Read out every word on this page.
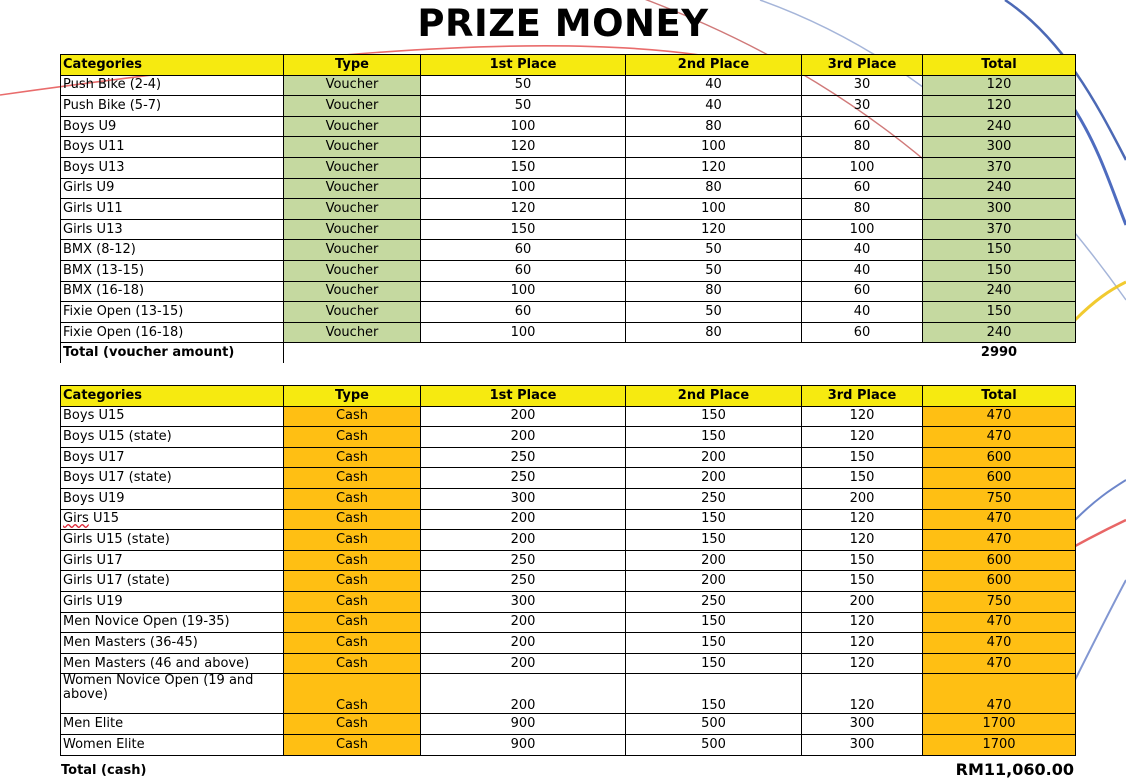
PRIZE MONEY
Categories	Type	1st Place	2nd Place	3rd Place	Total
Push Bike (2-4)	Voucher	50	40	30	120
Push Bike (5-7)	Voucher	50	40	30	120
Boys U9	Voucher	100	80	60	240
Boys U11	Voucher	120	100	80	300
Boys U13	Voucher	150	120	100	370
Girls U9	Voucher	100	80	60	240
Girls U11	Voucher	120	100	80	300
Girls U13	Voucher	150	120	100	370
BMX (8-12)	Voucher	60	50	40	150
BMX (13-15)	Voucher	60	50	40	150
BMX (16-18)	Voucher	100	80	60	240
Fixie Open (13-15)	Voucher	60	50	40	150
Fixie Open (16-18)	Voucher	100	80	60	240
Total (voucher amount)					2990
Categories	Type	1st Place	2nd Place	3rd Place	Total
Boys U15	Cash	200	150	120	470
Boys U15 (state)	Cash	200	150	120	470
Boys U17	Cash	250	200	150	600
Boys U17 (state)	Cash	250	200	150	600
Boys U19	Cash	300	250	200	750
Girs U15	Cash	200	150	120	470
Girls U15 (state)	Cash	200	150	120	470
Girls U17	Cash	250	200	150	600
Girls U17 (state)	Cash	250	200	150	600
Girls U19	Cash	300	250	200	750
Men Novice Open (19-35)	Cash	200	150	120	470
Men Masters (36-45)	Cash	200	150	120	470
Men Masters (46 and above)	Cash	200	150	120	470
Women Novice Open (19 and above)	Cash	200	150	120	470
Men Elite	Cash	900	500	300	1700
Women Elite	Cash	900	500	300	1700
Total (cash)	RM11,060.00
